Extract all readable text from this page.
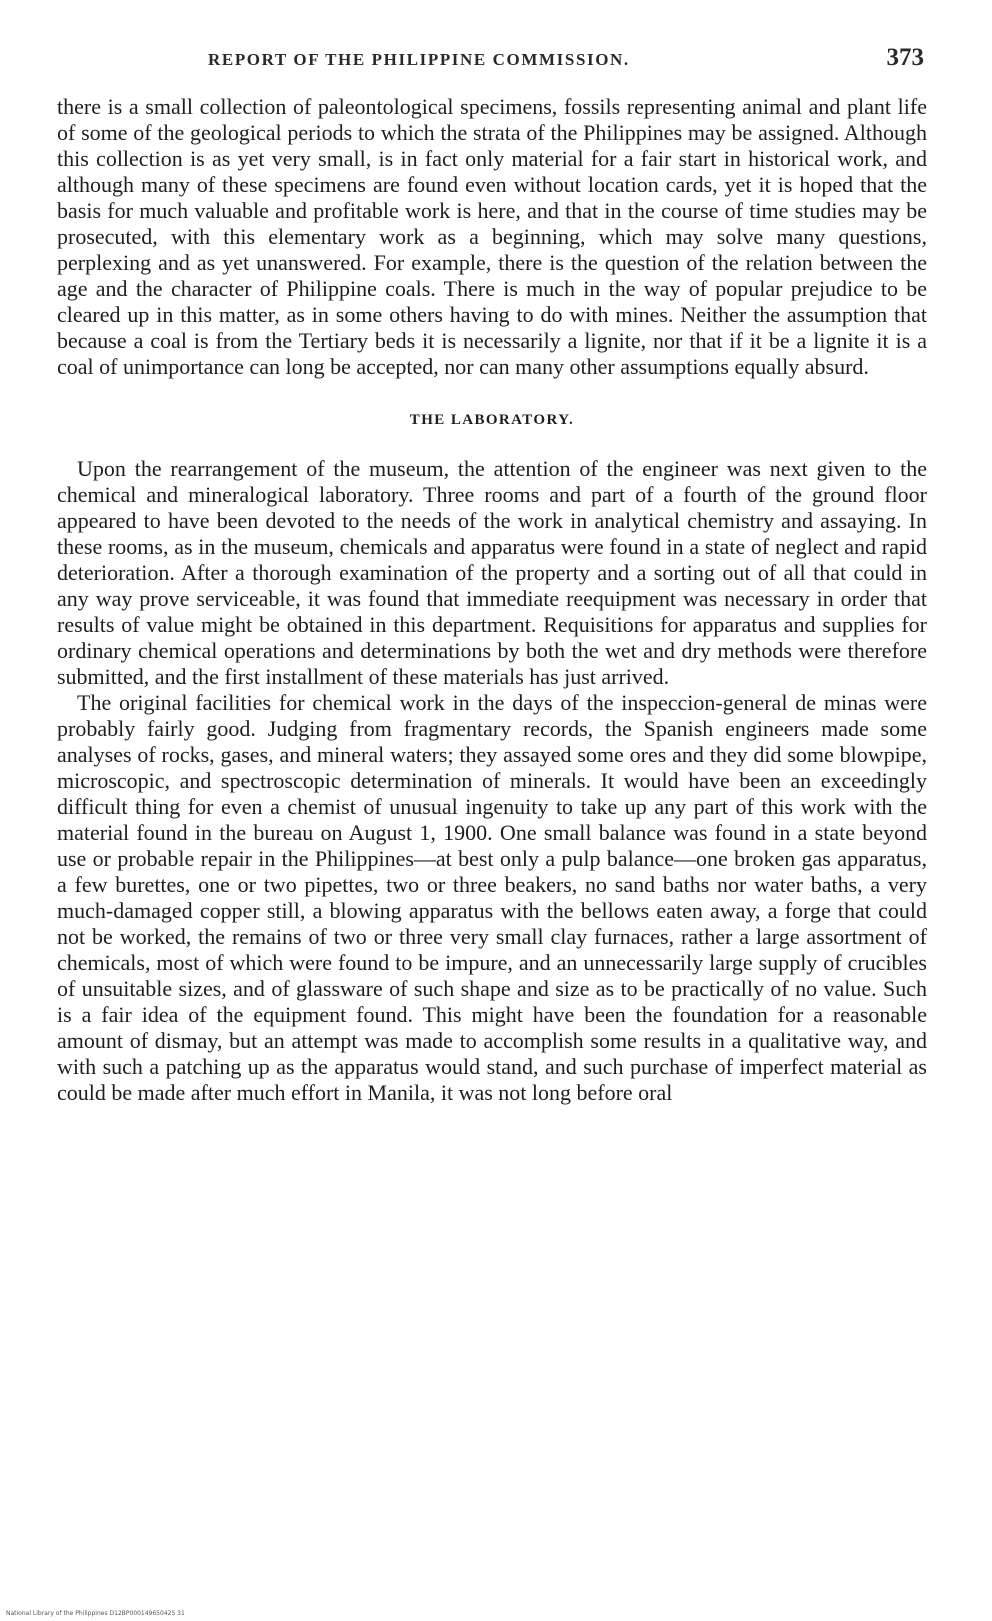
REPORT OF THE PHILIPPINE COMMISSION.	373

there is a small collection of paleontological specimens, fossils representing animal and plant life of some of the geological periods to which the strata of the Philippines may be assigned. Although this collection is as yet very small, is in fact only material for a fair start in historical work, and although many of these specimens are found even without location cards, yet it is hoped that the basis for much valuable and profitable work is here, and that in the course of time studies may be prosecuted, with this elementary work as a beginning, which may solve many questions, perplexing and as yet unanswered. For example, there is the question of the relation between the age and the character of Philippine coals. There is much in the way of popular prejudice to be cleared up in this matter, as in some others having to do with mines. Neither the assumption that because a coal is from the Tertiary beds it is necessarily a lignite, nor that if it be a lignite it is a coal of unimportance can long be accepted, nor can many other assumptions equally absurd.

THE LABORATORY.

Upon the rearrangement of the museum, the attention of the engineer was next given to the chemical and mineralogical laboratory. Three rooms and part of a fourth of the ground floor appeared to have been devoted to the needs of the work in analytical chemistry and assaying. In these rooms, as in the museum, chemicals and apparatus were found in a state of neglect and rapid deterioration. After a thorough examination of the property and a sorting out of all that could in any way prove serviceable, it was found that immediate reequipment was necessary in order that results of value might be obtained in this department. Requisitions for apparatus and supplies for ordinary chemical operations and determinations by both the wet and dry methods were therefore submitted, and the first installment of these materials has just arrived.

The original facilities for chemical work in the days of the inspeccion-general de minas were probably fairly good. Judging from fragmentary records, the Spanish engineers made some analyses of rocks, gases, and mineral waters; they assayed some ores and they did some blowpipe, microscopic, and spectroscopic determination of minerals. It would have been an exceedingly difficult thing for even a chemist of unusual ingenuity to take up any part of this work with the material found in the bureau on August 1, 1900. One small balance was found in a state beyond use or probable repair in the Philippines—at best only a pulp balance—one broken gas apparatus, a few burettes, one or two pipettes, two or three beakers, no sand baths nor water baths, a very much-damaged copper still, a blowing apparatus with the bellows eaten away, a forge that could not be worked, the remains of two or three very small clay furnaces, rather a large assortment of chemicals, most of which were found to be impure, and an unnecessarily large supply of crucibles of unsuitable sizes, and of glassware of such shape and size as to be practically of no value. Such is a fair idea of the equipment found. This might have been the foundation for a reasonable amount of dismay, but an attempt was made to accomplish some results in a qualitative way, and with such a patching up as the apparatus would stand, and such purchase of imperfect material as could be made after much effort in Manila, it was not long before oral

National Library of the Philippines D12BP000149650425 31
